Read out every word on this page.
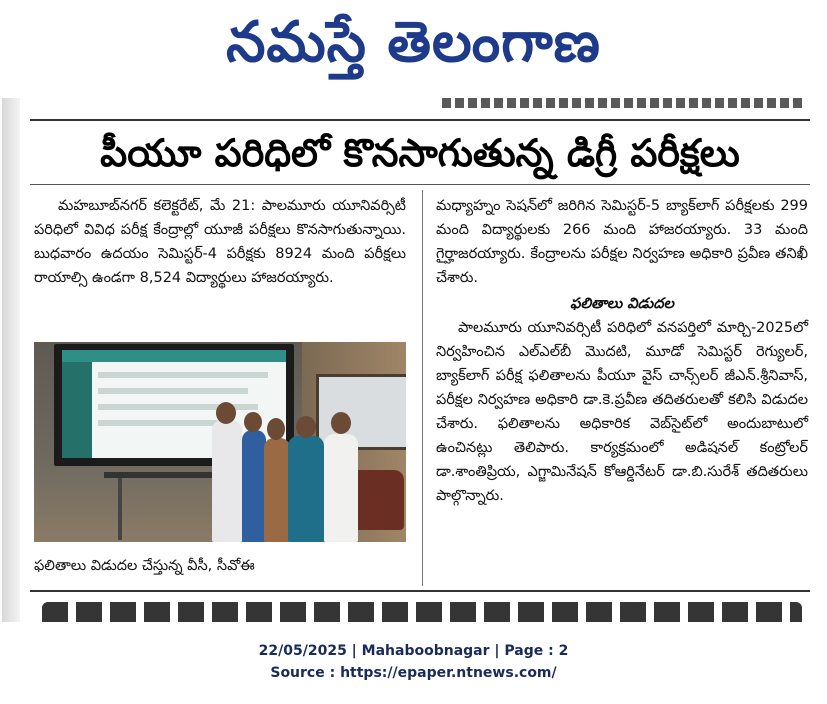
నమస్తే తెలంగాణ
పీయూ పరిధిలో కొనసాగుతున్న డిగ్రీ పరీక్షలు

మహబూబ్‌నగర్ కలెక్టరేట్, మే 21: పాలమూరు యూనివర్సిటీ పరిధిలో వివిధ పరీక్ష కేంద్రాల్లో యూజీ పరీక్షలు కొనసాగుతున్నాయి. బుధవారం ఉదయం సెమిస్టర్-4 పరీక్షకు 8924 మంది పరీక్షలు రాయాల్సి ఉండగా 8,524 విద్యార్థులు హాజరయ్యారు.

ఫలితాలు విడుదల చేస్తున్న వీసీ, సీవోఈ

మధ్యాహ్నం సెషన్‌లో జరిగిన సెమిస్టర్-5 బ్యాక్‌లాగ్ పరీక్షలకు 299 మంది విద్యార్థులకు 266 మంది హాజరయ్యారు. 33 మంది గైర్హాజరయ్యారు. కేంద్రాలను పరీక్షల నిర్వహణ అధికారి ప్రవీణ తనిఖీ చేశారు.

ఫలితాలు విడుదల

పాలమూరు యూనివర్సిటీ పరిధిలో వనపర్తిలో మార్చి-2025లో నిర్వహించిన ఎల్ఎల్‌బీ మొదటి, మూడో సెమిస్టర్ రెగ్యులర్, బ్యాక్‌లాగ్ పరీక్ష ఫలితాలను పీయూ వైస్ చాన్స్‌లర్ జీఎన్.శ్రీనివాస్, పరీక్షల నిర్వహణ అధికారి డా.కె.ప్రవీణ తదితరులతో కలిసి విడుదల చేశారు. ఫలితాలను అధికారిక వెబ్‌సైట్‌లో అందుబాటులో ఉంచినట్లు తెలిపారు. కార్యక్రమంలో అడిషనల్ కంట్రోలర్ డా.శాంతిప్రియ, ఎగ్జామినేషన్ కోఆర్డినేటర్ డా.బి.సురేశ్ తదితరులు పాల్గొన్నారు.

22/05/2025 | Mahaboobnagar | Page : 2
Source : https://epaper.ntnews.com/
